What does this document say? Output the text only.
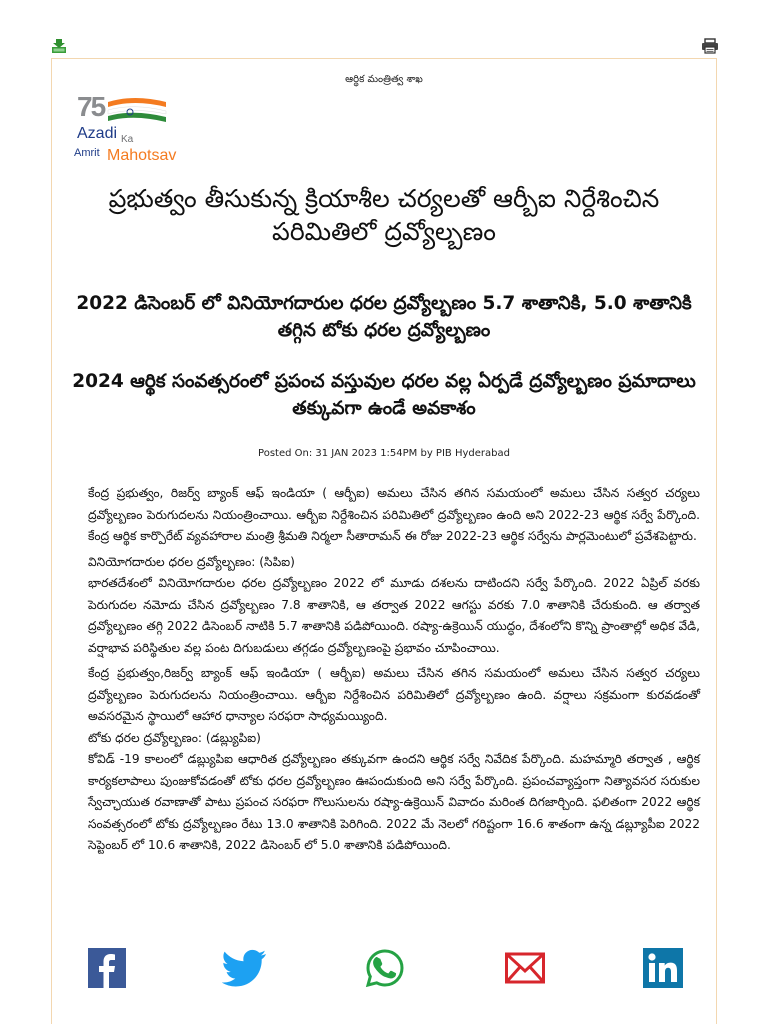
ఆర్థిక మంత్రిత్వ శాఖ
75
Azadi Ka
Amrit Mahotsav
ప్రభుత్వం తీసుకున్న క్రియాశీల చర్యలతో ఆర్బీఐ నిర్దేశించిన పరిమితిలో ద్రవ్యోల్బణం
2022 డిసెంబర్ లో వినియోగదారుల ధరల ద్రవ్యోల్బణం 5.7 శాతానికి, 5.0 శాతానికి తగ్గిన టోకు ధరల ద్రవ్యోల్బణం
2024 ఆర్థిక సంవత్సరంలో ప్రపంచ వస్తువుల ధరల వల్ల ఏర్పడే ద్రవ్యోల్బణం ప్రమాదాలు తక్కువగా ఉండే అవకాశం
Posted On: 31 JAN 2023 1:54PM by PIB Hyderabad

కేంద్ర ప్రభుత్వం, రిజర్వ్ బ్యాంక్ ఆఫ్ ఇండియా ( ఆర్బీఐ) అమలు చేసిన తగిన సమయంలో అమలు చేసిన సత్వర చర్యలు ద్రవ్యోల్బణం పెరుగుదలను నియంత్రించాయి. ఆర్బీఐ నిర్దేశించిన పరిమితిలో ద్రవ్యోల్బణం ఉంది అని 2022-23 ఆర్థిక సర్వే పేర్కొంది. కేంద్ర ఆర్థిక కార్పొరేట్ వ్యవహారాల మంత్రి శ్రీమతి నిర్మలా సీతారామన్ ఈ రోజు 2022-23 ఆర్థిక సర్వేను పార్లమెంటులో ప్రవేశపెట్టారు.

వినియోగదారుల ధరల ద్రవ్యోల్బణం: (సిపిఐ)

భారతదేశంలో వినియోగదారుల ధరల ద్రవ్యోల్బణం 2022 లో మూడు దశలను దాటిందని సర్వే పేర్కొంది. 2022 ఏప్రిల్ వరకు పెరుగుదల నమోదు చేసిన ద్రవ్యోల్బణం 7.8 శాతానికి, ఆ తర్వాత 2022 ఆగస్టు వరకు 7.0 శాతానికి చేరుకుంది. ఆ తర్వాత ద్రవ్యోల్బణం తగ్గి 2022 డిసెంబర్ నాటికి 5.7 శాతానికి పడిపోయింది. రష్యా-ఉక్రెయిన్ యుద్ధం, దేశంలోని కొన్ని ప్రాంతాల్లో అధిక వేడి, వర్షాభావ పరిస్థితుల వల్ల పంట దిగుబడులు తగ్గడం ద్రవ్యోల్బణంపై ప్రభావం చూపించాయి.

కేంద్ర ప్రభుత్వం,రిజర్వ్ బ్యాంక్ ఆఫ్ ఇండియా ( ఆర్బీఐ) అమలు చేసిన తగిన సమయంలో అమలు చేసిన సత్వర చర్యలు ద్రవ్యోల్బణం పెరుగుదలను నియంత్రించాయి. ఆర్బీఐ నిర్దేశించిన పరిమితిలో ద్రవ్యోల్బణం ఉంది. వర్షాలు సక్రమంగా కురవడంతో అవసరమైన స్థాయిలో ఆహార ధాన్యాల సరఫరా సాధ్యమయ్యింది.

టోకు ధరల ద్రవ్యోల్బణం: (డబ్ల్యుపిఐ)

కోవిడ్ -19 కాలంలో డబ్ల్యుపిఐ ఆధారిత ద్రవ్యోల్బణం తక్కువగా ఉందని ఆర్థిక సర్వే నివేదిక పేర్కొంది. మహమ్మారి తర్వాత , ఆర్థిక కార్యకలాపాలు పుంజుకోవడంతో టోకు ధరల ద్రవ్యోల్బణం ఊపందుకుంది అని సర్వే పేర్కొంది. ప్రపంచవ్యాప్తంగా నిత్యావసర సరుకుల స్వేచ్ఛాయుత రవాణాతో పాటు ప్రపంచ సరఫరా గొలుసులను రష్యా-ఉక్రెయిన్ వివాదం మరింత దిగజార్చింది. ఫలితంగా 2022 ఆర్థిక సంవత్సరంలో టోకు ద్రవ్యోల్బణం రేటు 13.0 శాతానికి పెరిగింది. 2022 మే నెలలో గరిష్టంగా 16.6 శాతంగా ఉన్న డబ్ల్యూపీఐ 2022 సెప్టెంబర్ లో 10.6 శాతానికి, 2022 డిసెంబర్ లో 5.0 శాతానికి పడిపోయింది.
